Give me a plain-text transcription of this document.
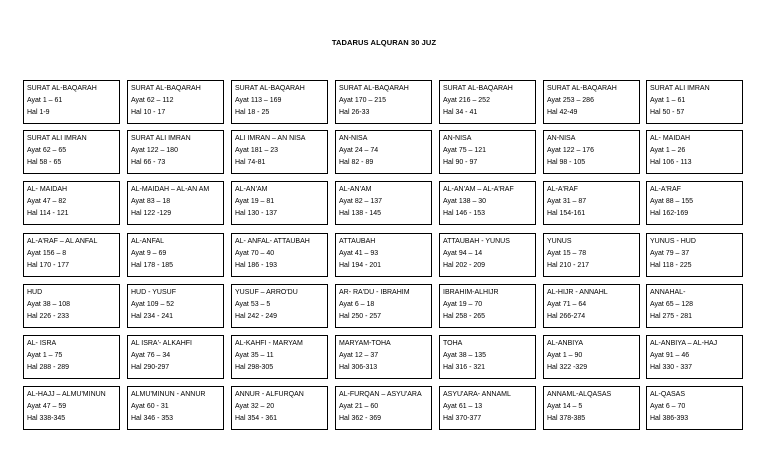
TADARUS ALQURAN 30 JUZ
SURAT AL-BAQARAH
Ayat 1 – 61
Hal 1-9
SURAT AL-BAQARAH
Ayat 62 – 112
Hal 10 - 17
SURAT AL-BAQARAH
Ayat 113 – 169
Hal 18 - 25
SURAT AL-BAQARAH
Ayat 170 – 215
Hal 26-33
SURAT AL-BAQARAH
Ayat 216 – 252
Hal 34 - 41
SURAT AL-BAQARAH
Ayat 253 – 286
Hal 42-49
SURAT ALI IMRAN
Ayat 1 – 61
Hal 50 - 57
SURAT ALI IMRAN
Ayat 62 – 65
Hal 58 - 65
SURAT ALI IMRAN
Ayat 122 – 180
Hal 66 - 73
ALI IMRAN – AN NISA
Ayat 181 – 23
Hal 74-81
AN-NISA
Ayat 24 – 74
Hal 82 - 89
AN-NISA
Ayat 75 – 121
Hal 90 - 97
AN-NISA
Ayat 122 – 176
Hal 98 - 105
AL- MAIDAH
Ayat 1 – 26
Hal 106 - 113
AL- MAIDAH
Ayat 47 – 82
Hal 114 - 121
AL-MAIDAH – AL-AN AM
Ayat 83 – 18
Hal 122 -129
AL-AN'AM
Ayat 19 – 81
Hal 130 - 137
AL-AN'AM
Ayat 82 – 137
Hal 138 - 145
AL-AN'AM – AL-A'RAF
Ayat 138 – 30
Hal 146 - 153
AL-A'RAF
Ayat 31 – 87
Hal 154-161
AL-A'RAF
Ayat 88 – 155
Hal 162-169
AL-A'RAF – AL ANFAL
Ayat 156 – 8
Hal 170 - 177
AL-ANFAL
Ayat 9 – 69
Hal 178 - 185
AL- ANFAL- ATTAUBAH
Ayat 70 – 40
Hal 186 - 193
ATTAUBAH
Ayat 41 – 93
Hal 194 - 201
ATTAUBAH - YUNUS
Ayat 94 – 14
Hal 202 - 209
YUNUS
Ayat 15 – 78
Hal 210 - 217
YUNUS - HUD
Ayat 79 – 37
Hal 118 - 225
HUD
Ayat 38 – 108
Hal 226 - 233
HUD - YUSUF
Ayat 109 – 52
Hal 234 - 241
YUSUF – ARRO'DU
Ayat 53 – 5
Hal 242 - 249
AR- RA'DU - IBRAHIM
Ayat 6 – 18
Hal 250 - 257
IBRAHIM-ALHIJR
Ayat 19 – 70
Hal 258 - 265
AL-HIJR - ANNAHL
Ayat 71 – 64
Hal 266-274
ANNAHAL-
Ayat 65 – 128
Hal 275 - 281
AL- ISRA
Ayat 1 – 75
Hal 288 - 289
AL ISRA'- ALKAHFI
Ayat 76 – 34
Hal 290-297
AL-KAHFI - MARYAM
Ayat 35 – 11
Hal 298-305
MARYAM-TOHA
Ayat 12 – 37
Hal 306-313
TOHA
Ayat 38 – 135
Hal 316 - 321
AL-ANBIYA
Ayat 1 – 90
Hal 322 -329
AL-ANBIYA – AL-HAJ
Ayat 91 – 46
Hal 330 - 337
AL-HAJJ – ALMU'MINUN
Ayat 47 – 59
Hal 338-345
ALMU'MINUN - ANNUR
Ayat 60 - 31
Hal 346 - 353
ANNUR - ALFURQAN
Ayat 32 – 20
Hal 354 - 361
AL-FURQAN – ASYU'ARA
Ayat 21 – 60
Hal 362 - 369
ASYU'ARA- ANNAML
Ayat 61 – 13
Hal 370-377
ANNAML-ALQASAS
Ayat 14 – 5
Hal 378-385
AL-QASAS
Ayat 6 – 70
Hal 386-393
